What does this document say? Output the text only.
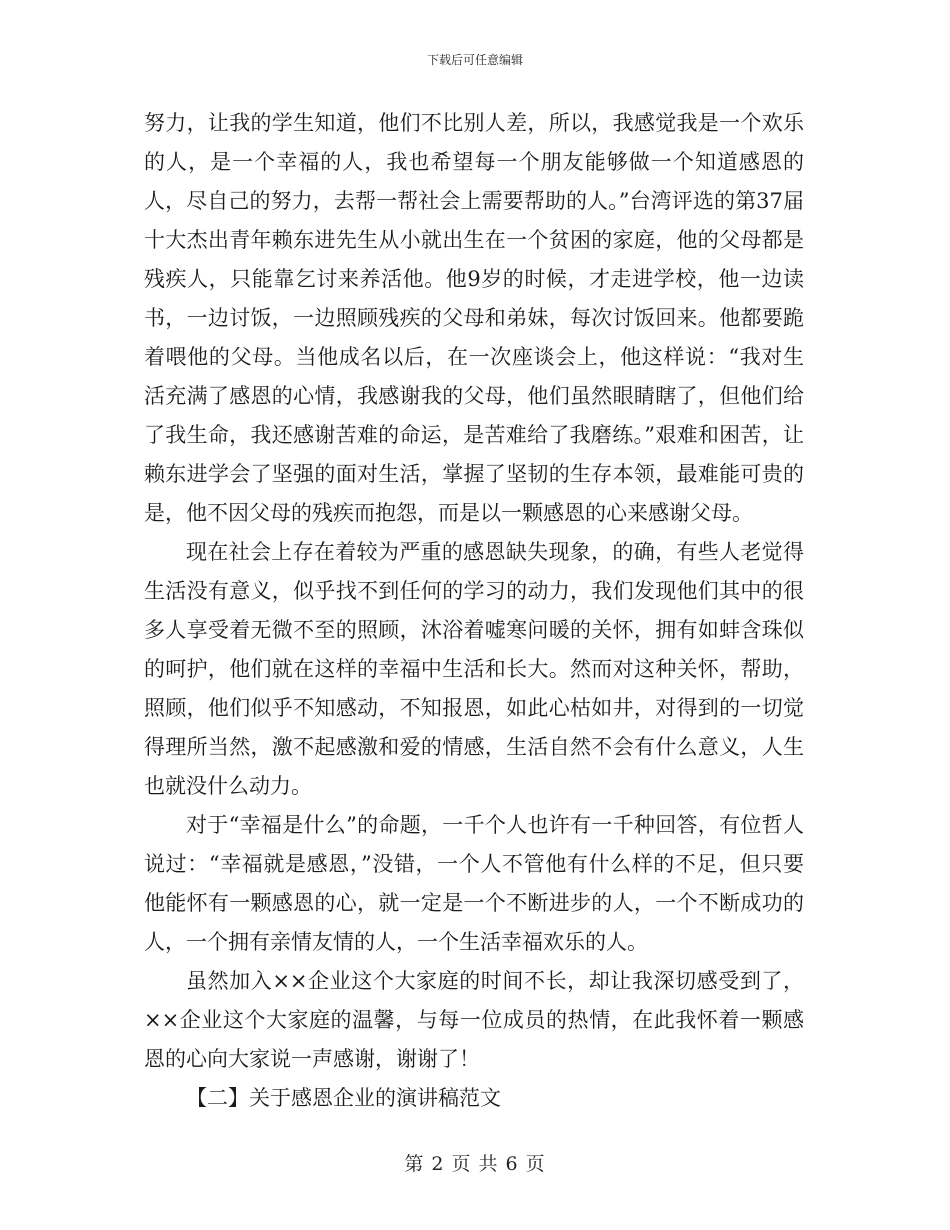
下载后可任意编辑

努力，让我的学生知道，他们不比别人差，所以，我感觉我是一个欢乐的人，是一个幸福的人，我也希望每一个朋友能够做一个知道感恩的人，尽自己的努力，去帮一帮社会上需要帮助的人。”台湾评选的第37届十大杰出青年赖东进先生从小就出生在一个贫困的家庭，他的父母都是残疾人，只能靠乞讨来养活他。他9岁的时候，才走进学校，他一边读书，一边讨饭，一边照顾残疾的父母和弟妹，每次讨饭回来。他都要跪着喂他的父母。当他成名以后，在一次座谈会上，他这样说：“我对生活充满了感恩的心情，我感谢我的父母，他们虽然眼睛瞎了，但他们给了我生命，我还感谢苦难的命运，是苦难给了我磨练。”艰难和困苦，让赖东进学会了坚强的面对生活，掌握了坚韧的生存本领，最难能可贵的是，他不因父母的残疾而抱怨，而是以一颗感恩的心来感谢父母。

现在社会上存在着较为严重的感恩缺失现象，的确，有些人老觉得生活没有意义，似乎找不到任何的学习的动力，我们发现他们其中的很多人享受着无微不至的照顾，沐浴着嘘寒问暖的关怀，拥有如蚌含珠似的呵护，他们就在这样的幸福中生活和长大。然而对这种关怀，帮助，照顾，他们似乎不知感动，不知报恩，如此心枯如井，对得到的一切觉得理所当然，激不起感激和爱的情感，生活自然不会有什么意义，人生也就没什么动力。

对于“幸福是什么”的命题，一千个人也许有一千种回答，有位哲人说过：“幸福就是感恩，”没错，一个人不管他有什么样的不足，但只要他能怀有一颗感恩的心，就一定是一个不断进步的人，一个不断成功的人，一个拥有亲情友情的人，一个生活幸福欢乐的人。

虽然加入××企业这个大家庭的时间不长，却让我深切感受到了，××企业这个大家庭的温馨，与每一位成员的热情，在此我怀着一颗感恩的心向大家说一声感谢，谢谢了！

【二】关于感恩企业的演讲稿范文

第 2 页 共 6 页
